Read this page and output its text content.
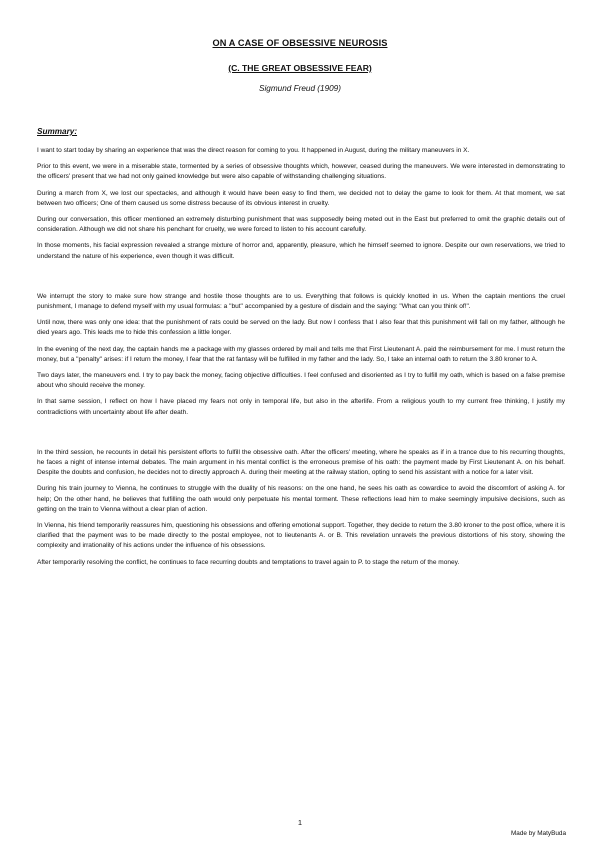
ON A CASE OF OBSESSIVE NEUROSIS
(C. THE GREAT OBSESSIVE FEAR)
Sigmund Freud (1909)
Summary:

I want to start today by sharing an experience that was the direct reason for coming to you. It happened in August, during the military maneuvers in X.

Prior to this event, we were in a miserable state, tormented by a series of obsessive thoughts which, however, ceased during the maneuvers. We were interested in demonstrating to the officers' present that we had not only gained knowledge but were also capable of withstanding challenging situations.

During a march from X, we lost our spectacles, and although it would have been easy to find them, we decided not to delay the game to look for them. At that moment, we sat between two officers; One of them caused us some distress because of its obvious interest in cruelty.

During our conversation, this officer mentioned an extremely disturbing punishment that was supposedly being meted out in the East but preferred to omit the graphic details out of consideration. Although we did not share his penchant for cruelty, we were forced to listen to his account carefully.

In those moments, his facial expression revealed a strange mixture of horror and, apparently, pleasure, which he himself seemed to ignore. Despite our own reservations, we tried to understand the nature of his experience, even though it was difficult.

We interrupt the story to make sure how strange and hostile those thoughts are to us. Everything that follows is quickly knotted in us. When the captain mentions the cruel punishment, I manage to defend myself with my usual formulas: a "but" accompanied by a gesture of disdain and the saying: "What can you think of!".

Until now, there was only one idea: that the punishment of rats could be served on the lady. But now I confess that I also fear that this punishment will fall on my father, although he died years ago. This leads me to hide this confession a little longer.

In the evening of the next day, the captain hands me a package with my glasses ordered by mail and tells me that First Lieutenant A. paid the reimbursement for me. I must return the money, but a "penalty" arises: if I return the money, I fear that the rat fantasy will be fulfilled in my father and the lady. So, I take an internal oath to return the 3.80 kroner to A.

Two days later, the maneuvers end. I try to pay back the money, facing objective difficulties. I feel confused and disoriented as I try to fulfill my oath, which is based on a false premise about who should receive the money.

In that same session, I reflect on how I have placed my fears not only in temporal life, but also in the afterlife. From a religious youth to my current free thinking, I justify my contradictions with uncertainty about life after death.

In the third session, he recounts in detail his persistent efforts to fulfill the obsessive oath. After the officers' meeting, where he speaks as if in a trance due to his recurring thoughts, he faces a night of intense internal debates. The main argument in his mental conflict is the erroneous premise of his oath: the payment made by First Lieutenant A. on his behalf. Despite the doubts and confusion, he decides not to directly approach A. during their meeting at the railway station, opting to send his assistant with a notice for a later visit.

During his train journey to Vienna, he continues to struggle with the duality of his reasons: on the one hand, he sees his oath as cowardice to avoid the discomfort of asking A. for help; On the other hand, he believes that fulfilling the oath would only perpetuate his mental torment. These reflections lead him to make seemingly impulsive decisions, such as getting on the train to Vienna without a clear plan of action.

In Vienna, his friend temporarily reassures him, questioning his obsessions and offering emotional support. Together, they decide to return the 3.80 kroner to the post office, where it is clarified that the payment was to be made directly to the postal employee, not to lieutenants A. or B. This revelation unravels the previous distortions of his story, showing the complexity and irrationality of his actions under the influence of his obsessions.

After temporarily resolving the conflict, he continues to face recurring doubts and temptations to travel again to P. to stage the return of the money.

1
Made by MatyBuda
